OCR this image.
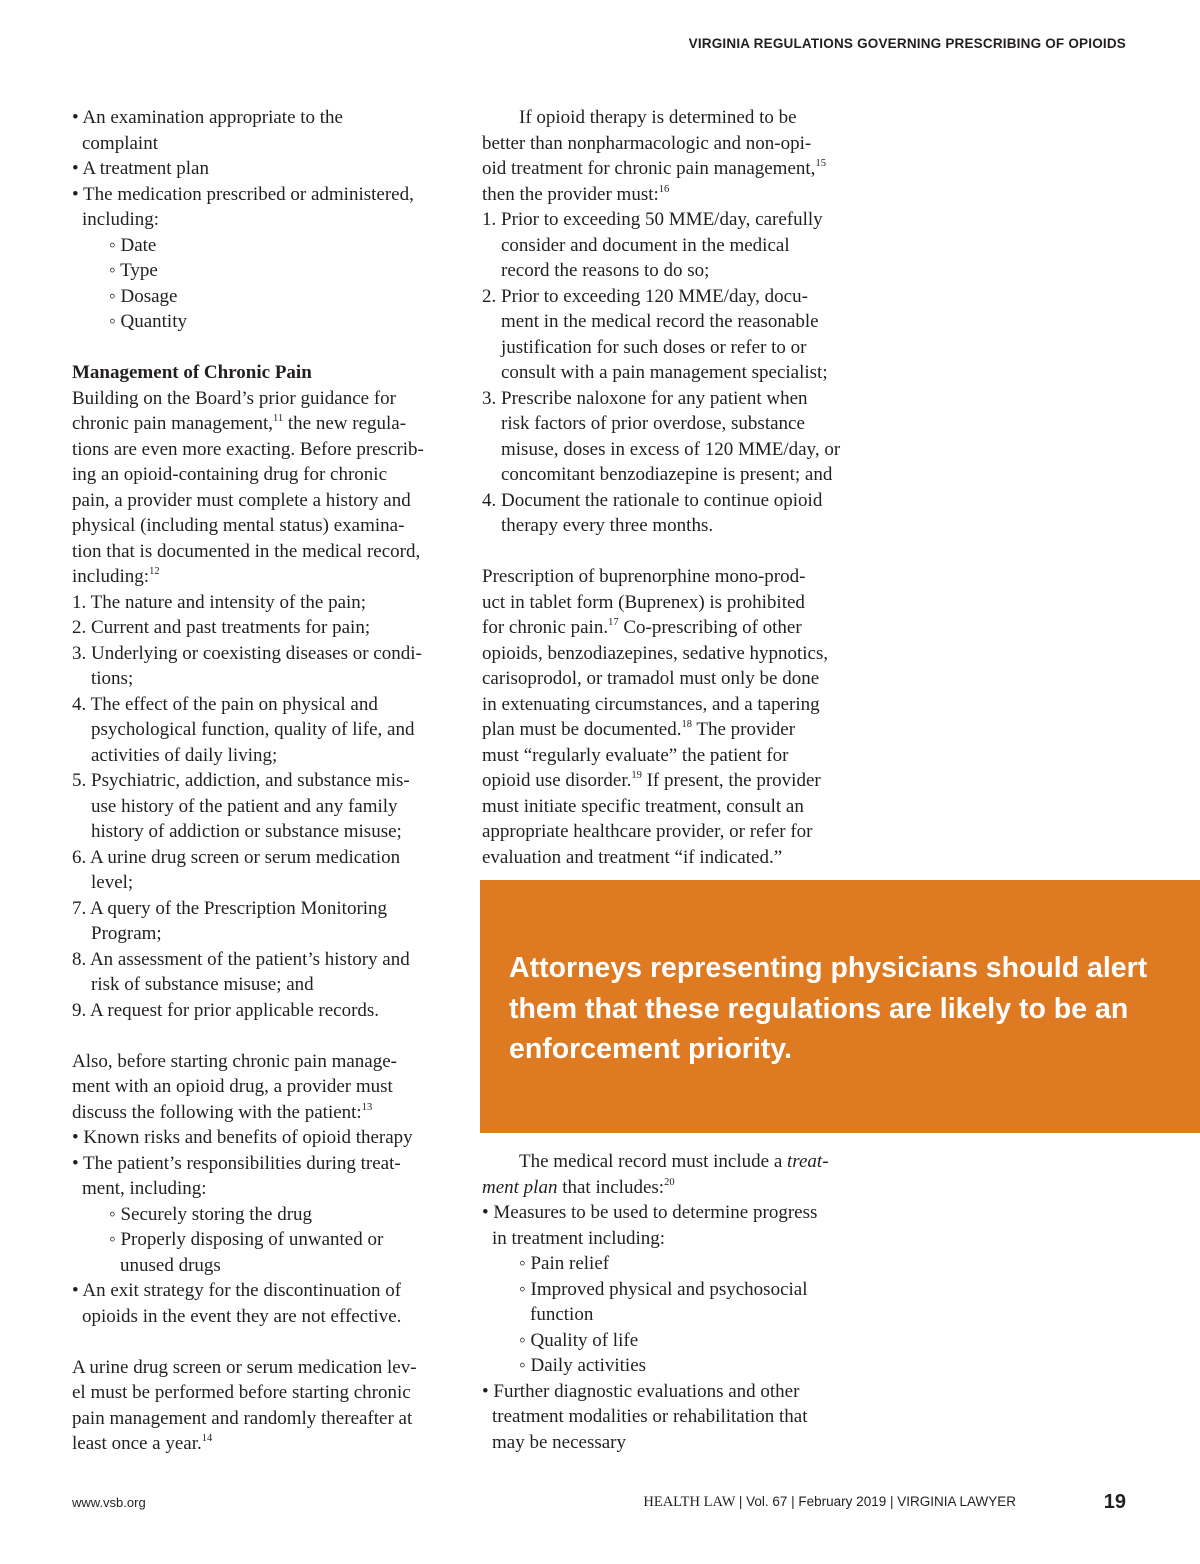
VIRGINIA REGULATIONS GOVERNING PRESCRIBING OF OPIOIDS
• An examination appropriate to the
complaint
• A treatment plan
• The medication prescribed or administered,
including:
◦ Date
◦ Type
◦ Dosage
◦ Quantity
Management of Chronic Pain
Building on the Board’s prior guidance for
chronic pain management,$^{11}$ the new regula-
tions are even more exacting. Before prescrib-
ing an opioid-containing drug for chronic
pain, a provider must complete a history and
physical (including mental status) examina-
tion that is documented in the medical record,
including:$^{12}$
1. The nature and intensity of the pain;
2. Current and past treatments for pain;
3. Underlying or coexisting diseases or condi-
tions;
4. The effect of the pain on physical and
psychological function, quality of life, and
activities of daily living;
5. Psychiatric, addiction, and substance mis-
use history of the patient and any family
history of addiction or substance misuse;
6. A urine drug screen or serum medication
level;
7. A query of the Prescription Monitoring
Program;
8. An assessment of the patient’s history and
risk of substance misuse; and
9. A request for prior applicable records.
Also, before starting chronic pain manage-
ment with an opioid drug, a provider must
discuss the following with the patient:$^{13}$
• Known risks and benefits of opioid therapy
• The patient’s responsibilities during treat-
ment, including:
◦ Securely storing the drug
◦ Properly disposing of unwanted or
unused drugs
• An exit strategy for the discontinuation of
opioids in the event they are not effective.
A urine drug screen or serum medication lev-
el must be performed before starting chronic
pain management and randomly thereafter at
least once a year.$^{14}$
If opioid therapy is determined to be
better than nonpharmacologic and non-opi-
oid treatment for chronic pain management,$^{15}$
then the provider must:$^{16}$
1. Prior to exceeding 50 MME/day, carefully
consider and document in the medical
record the reasons to do so;
2. Prior to exceeding 120 MME/day, docu-
ment in the medical record the reasonable
justification for such doses or refer to or
consult with a pain management specialist;
3. Prescribe naloxone for any patient when
risk factors of prior overdose, substance
misuse, doses in excess of 120 MME/day, or
concomitant benzodiazepine is present; and
4. Document the rationale to continue opioid
therapy every three months.
Prescription of buprenorphine mono-prod-
uct in tablet form (Buprenex) is prohibited
for chronic pain.$^{17}$ Co-prescribing of other
opioids, benzodiazepines, sedative hypnotics,
carisoprodol, or tramadol must only be done
in extenuating circumstances, and a tapering
plan must be documented.$^{18}$ The provider
must “regularly evaluate” the patient for
opioid use disorder.$^{19}$ If present, the provider
must initiate specific treatment, consult an
appropriate healthcare provider, or refer for
evaluation and treatment “if indicated.”
Attorneys representing physicians should alert
them that these regulations are likely to be an
enforcement priority.
The medical record must include a treat-
ment plan that includes:$^{20}$
• Measures to be used to determine progress
in treatment including:
◦ Pain relief
◦ Improved physical and psychosocial
function
◦ Quality of life
◦ Daily activities
• Further diagnostic evaluations and other
treatment modalities or rehabilitation that
may be necessary
www.vsb.org	HEALTH LAW | Vol. 67 | February 2019 | VIRGINIA LAWYER	19
